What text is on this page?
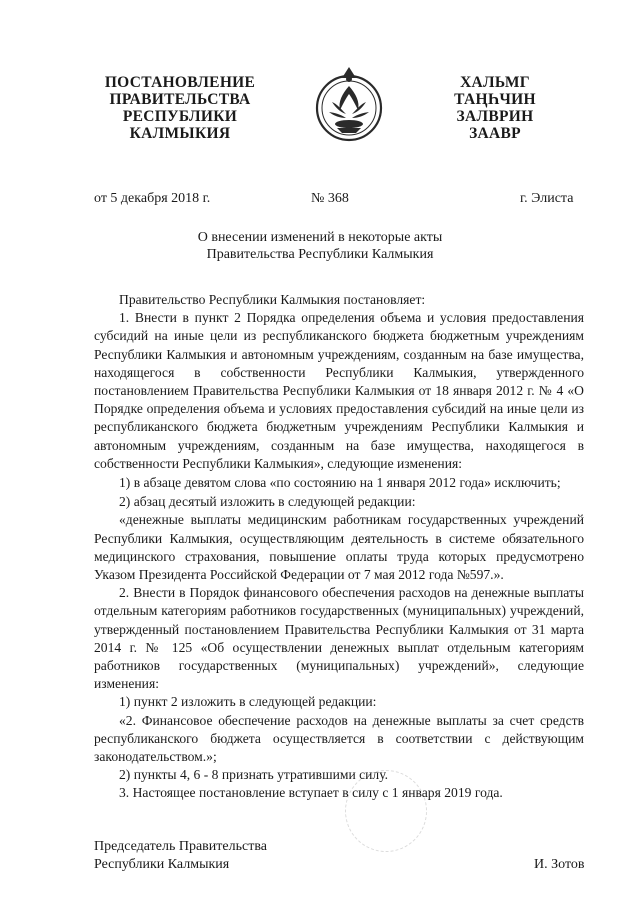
ПОСТАНОВЛЕНИЕ
ПРАВИТЕЛЬСТВА
РЕСПУБЛИКИ
КАЛМЫКИЯ
ХАЛЬМГ
ТАҢҺЧИН
ЗАЛВРИН
ЗААВР
от 5 декабря 2018 г.	№ 368	г. Элиста
О внесении изменений в некоторые акты
Правительства Республики Калмыкия

Правительство Республики Калмыкия постановляет:

1. Внести в пункт 2 Порядка определения объема и условия предоставления субсидий на иные цели из республиканского бюджета бюджетным учреждениям Республики Калмыкия и автономным учреждениям, созданным на базе имущества, находящегося в собственности Республики Калмыкия, утвержденного постановлением Правительства Республики Калмыкия от 18 января 2012 г. № 4 «О Порядке определения объема и условиях предоставления субсидий на иные цели из республиканского бюджета бюджетным учреждениям Республики Калмыкия и автономным учреждениям, созданным на базе имущества, находящегося в собственности Республики Калмыкия», следующие изменения:

1) в абзаце девятом слова «по состоянию на 1 января 2012 года» исключить;

2) абзац десятый изложить в следующей редакции:

«денежные выплаты медицинским работникам государственных учреждений Республики Калмыкия, осуществляющим деятельность в системе обязательного медицинского страхования, повышение оплаты труда которых предусмотрено Указом Президента Российской Федерации от 7 мая 2012 года №597.».

2. Внести в Порядок финансового обеспечения расходов на денежные выплаты отдельным категориям работников государственных (муниципальных) учреждений, утвержденный постановлением Правительства Республики Калмыкия от 31 марта 2014 г. № 125 «Об осуществлении денежных выплат отдельным категориям работников государственных (муниципальных) учреждений», следующие изменения:

1) пункт 2 изложить в следующей редакции:

«2. Финансовое обеспечение расходов на денежные выплаты за счет средств республиканского бюджета осуществляется в соответствии с действующим законодательством.»;

2) пункты 4, 6 - 8 признать утратившими силу.

3. Настоящее постановление вступает в силу с 1 января 2019 года.

Председатель Правительства
Республики Калмыкия	И. Зотов
